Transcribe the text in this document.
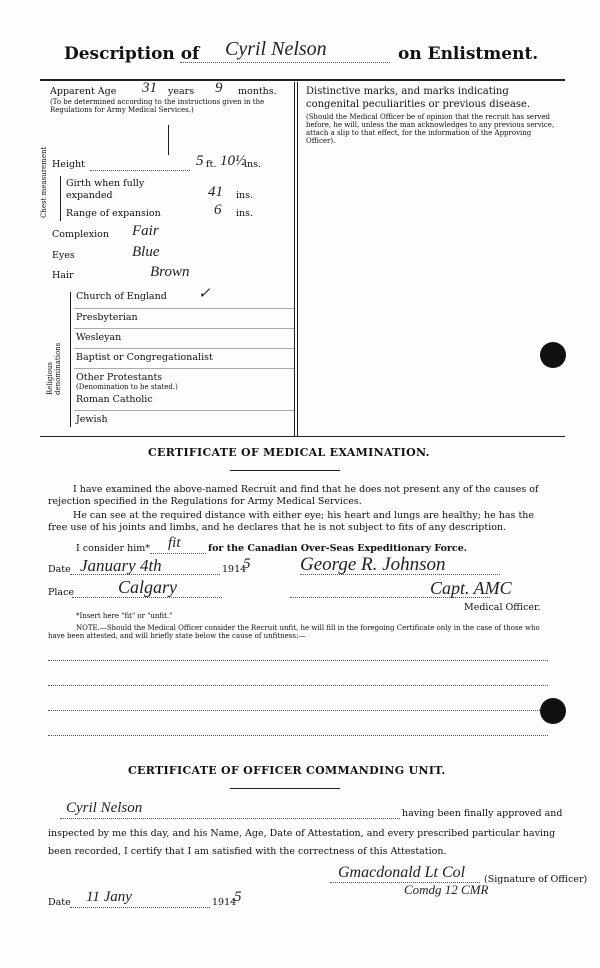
Description of Cyril Nelson	on Enlistment.
Apparent Age 31 years 9 months.
(To be determined according to the instructions given in the Regulations for Army Medical Services.)
Height	5 ft. 10½
ins.
Chest measurement Girth when fully expanded	41 ins.
Range of expansion	6 ins.
Complexion Fair
Eyes	Blue
Hair	Brown
Religious denominations
Church of England ✓
Presbyterian
Wesleyan
Baptist or Congregationalist
Other Protestants
(Denomination to be stated.)
Roman Catholic
Jewish
Distinctive marks, and marks indicating congenital peculiarities or previous disease.
(Should the Medical Officer be of opinion that the recruit has served before, he will, unless the man acknowledges to any previous service, attach a slip to that effect, for the information of the Approving Officer).
CERTIFICATE OF MEDICAL EXAMINATION.
I have examined the above-named Recruit and find that he does not present any of the causes of rejection specified in the Regulations for Army Medical Services.
He can see at the required distance with either eye; his heart and lungs are healthy; he has the free use of his joints and limbs, and he declares that he is not subject to fits of any description.
I consider him* fit	for the Canadian Over-Seas Expeditionary Force.
Date January 4th	1914
5	George R. Johnson
Place Calgary	Capt. AMC
Medical Officer.
*Insert here "fit" or "unfit."
NOTE.—Should the Medical Officer consider the Recruit unfit, he will fill in the foregoing Certificate only in the case of those who have been attested, and will briefly state below the cause of unfitness:—
CERTIFICATE OF OFFICER COMMANDING UNIT.
Cyril Nelson	having been finally approved and
inspected by me this day, and his Name, Age, Date of Attestation, and every prescribed particular having
been recorded, I certify that I am satisfied with the correctness of this Attestation.
Gmacdonald Lt Col (Signature of Officer)
Comdg 12 CMR
Date 11 Jany	1914
5
